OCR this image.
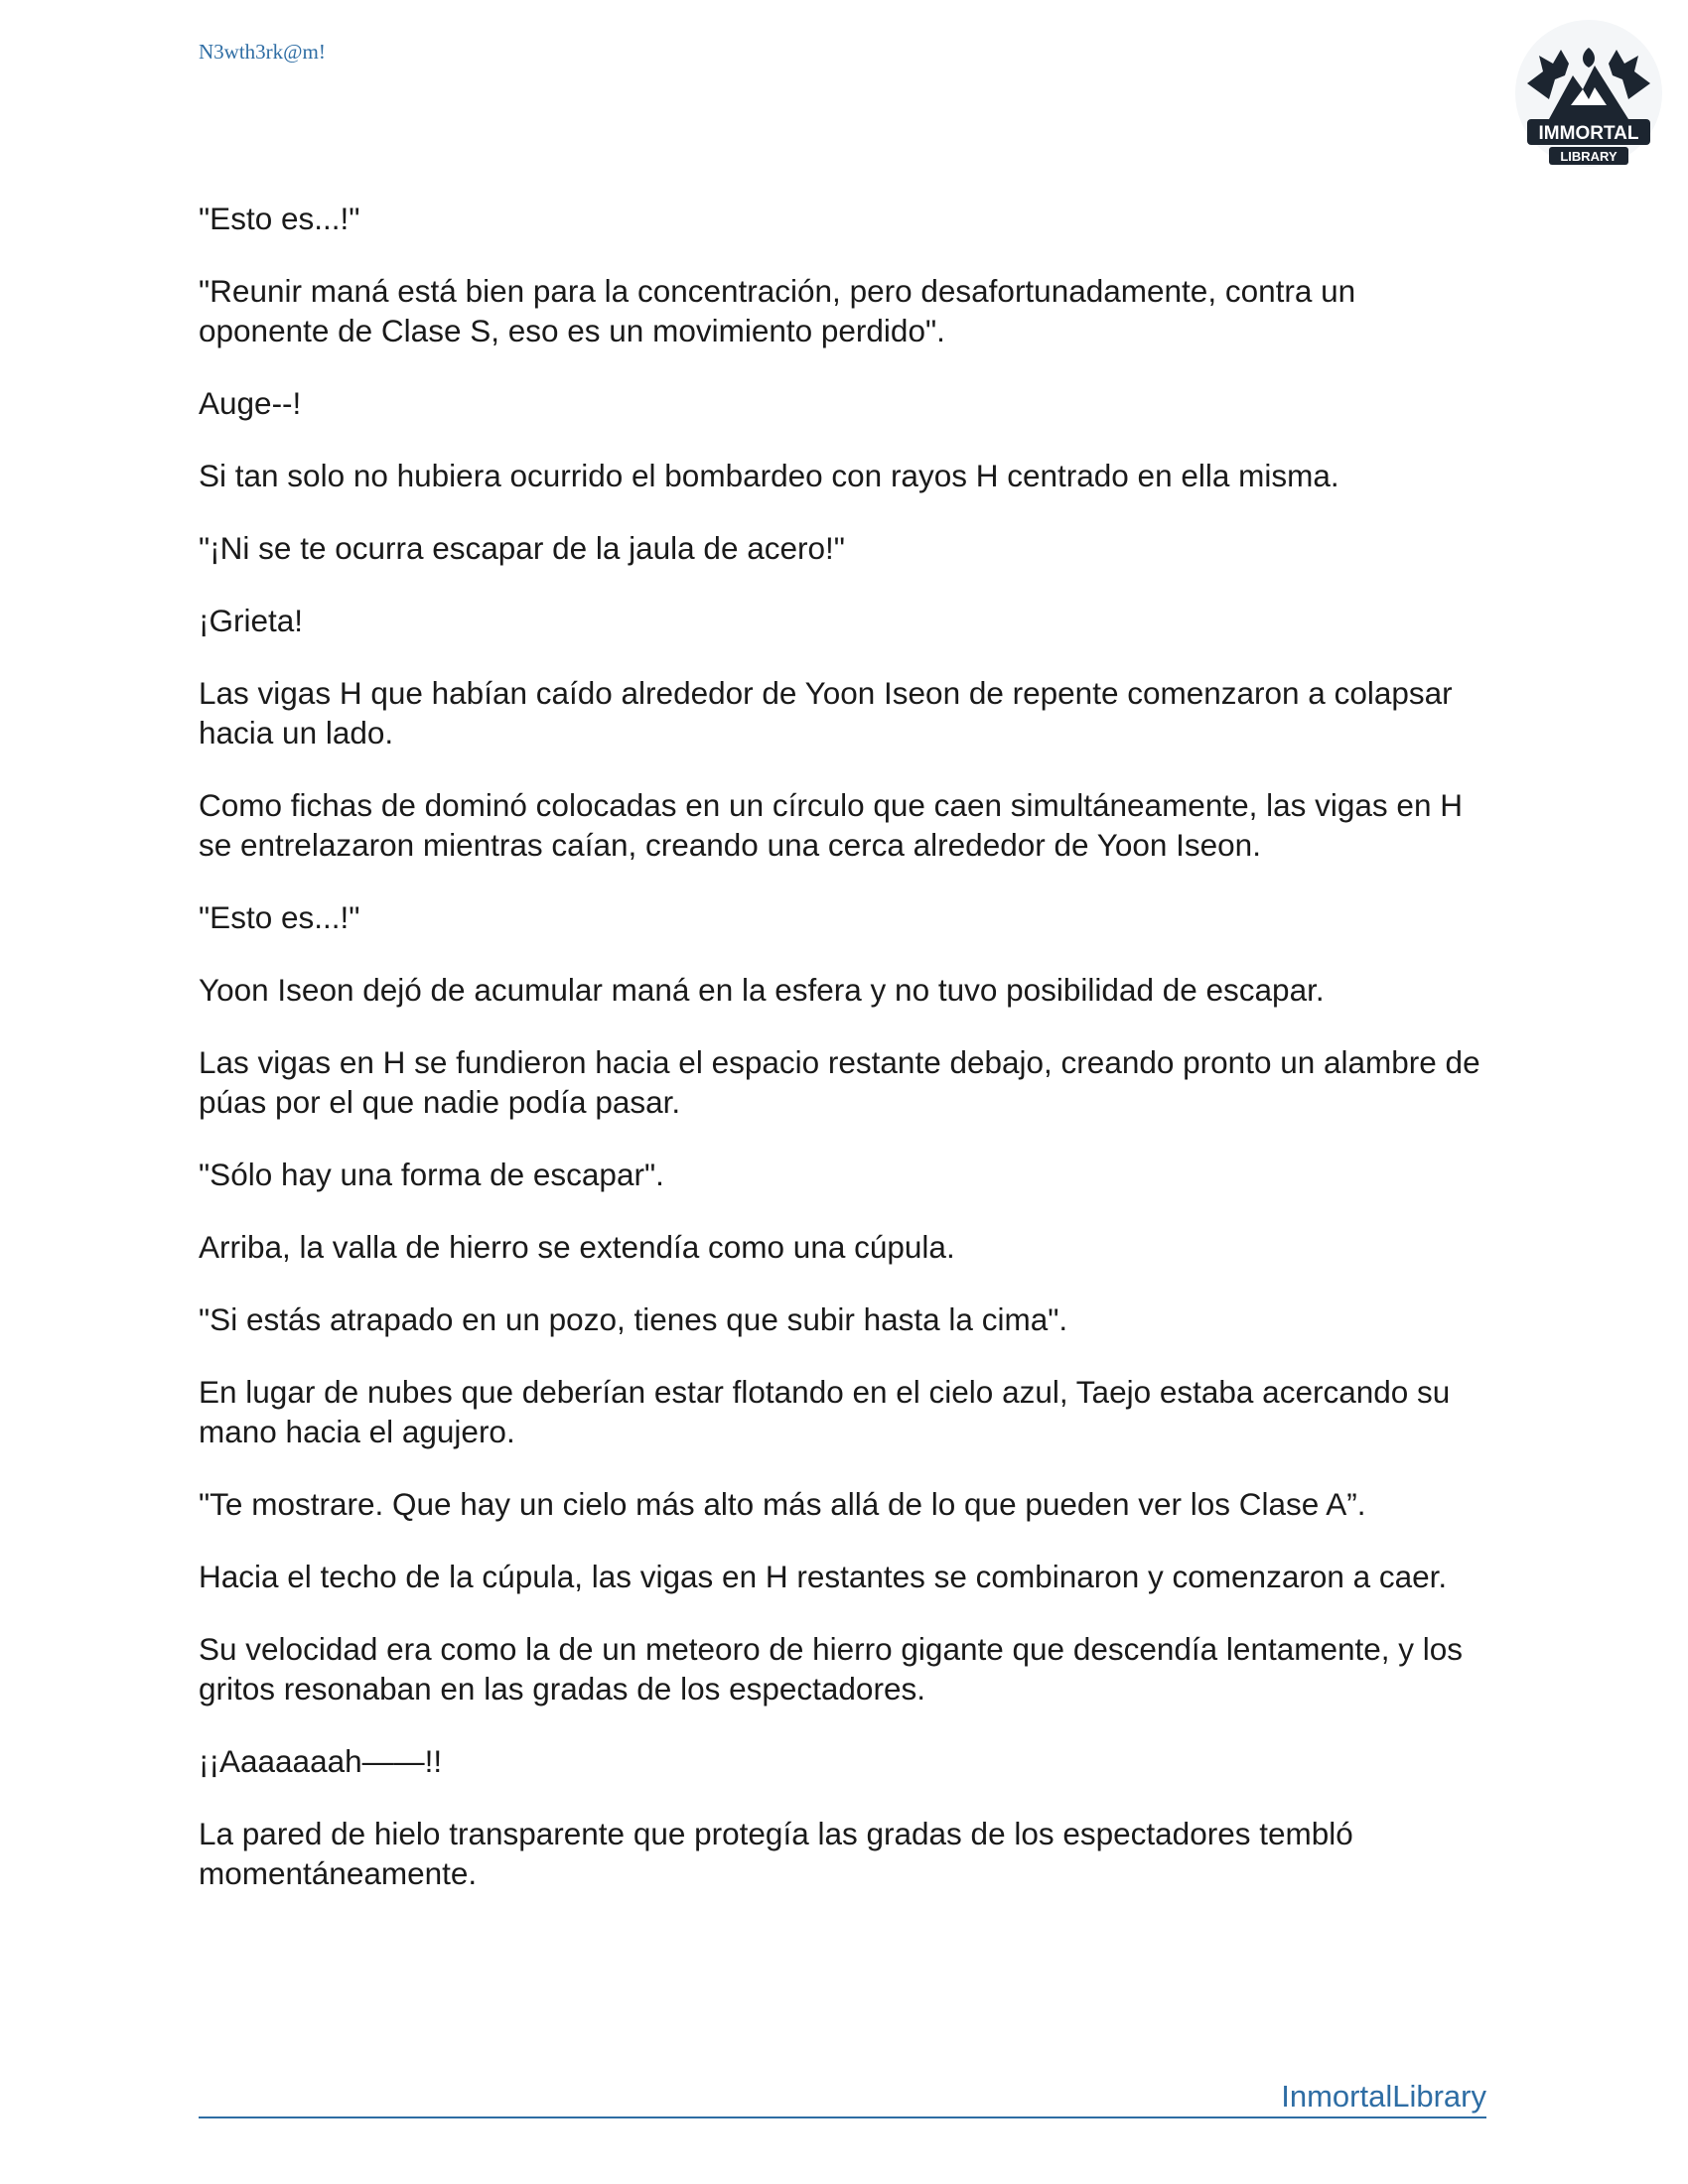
N3wth3rk@m!
IMMORTAL
LIBRARY

"Esto es...!"

"Reunir maná está bien para la concentración, pero desafortunadamente, contra un oponente de Clase S, eso es un movimiento perdido".

Auge--!

Si tan solo no hubiera ocurrido el bombardeo con rayos H centrado en ella misma.

"¡Ni se te ocurra escapar de la jaula de acero!"

¡Grieta!

Las vigas H que habían caído alrededor de Yoon Iseon de repente comenzaron a colapsar hacia un lado.

Como fichas de dominó colocadas en un círculo que caen simultáneamente, las vigas en H se entrelazaron mientras caían, creando una cerca alrededor de Yoon Iseon.

"Esto es...!"

Yoon Iseon dejó de acumular maná en la esfera y no tuvo posibilidad de escapar.

Las vigas en H se fundieron hacia el espacio restante debajo, creando pronto un alambre de púas por el que nadie podía pasar.

"Sólo hay una forma de escapar".

Arriba, la valla de hierro se extendía como una cúpula.

"Si estás atrapado en un pozo, tienes que subir hasta la cima".

En lugar de nubes que deberían estar flotando en el cielo azul, Taejo estaba acercando su mano hacia el agujero.

"Te mostrare. Que hay un cielo más alto más allá de lo que pueden ver los Clase A”.

Hacia el techo de la cúpula, las vigas en H restantes se combinaron y comenzaron a caer.

Su velocidad era como la de un meteoro de hierro gigante que descendía lentamente, y los gritos resonaban en las gradas de los espectadores.

¡¡Aaaaaaah——!!

La pared de hielo transparente que protegía las gradas de los espectadores tembló momentáneamente.

InmortalLibrary
